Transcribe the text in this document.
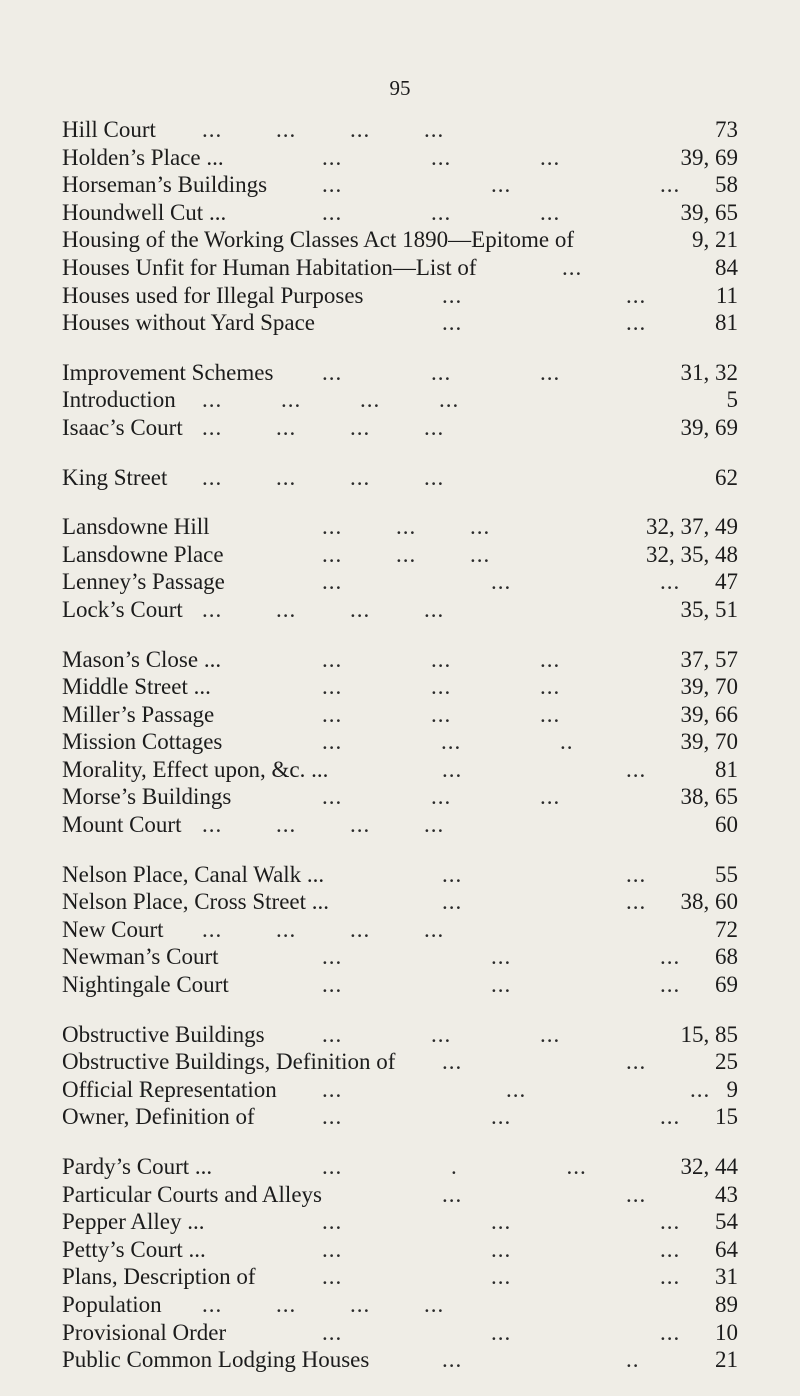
95
Hill Court ...     ...     ...     ...	73
Holden’s Place ...	...     ...     ...	39, 69
Horseman’s Buildings ...     ...     ... 58
Houndwell Cut ...	...     ...     ...	39, 65
Housing of the Working Classes Act 1890—Epitome of	9, 21
Houses Unfit for Human Habitation—List of	...	84
Houses used for Illegal Purposes	...     ...	11
Houses without Yard Space	...     ...	81
Improvement Schemes ...     ...     ...	31, 32
Introduction ...     ...     ...     ...	5
Isaac’s Court ...     ...     ...     ...	39, 69
King Street ...     ...     ...     ...	62
Lansdowne Hill	...     ...     ...	32, 37, 49
Lansdowne Place	...     ...     ...	32, 35, 48
Lenney’s Passage	...     ...     ... 47
Lock’s Court ...     ...     ...     ...	35, 51
Mason’s Close ...	...     ...     ...	37, 57
Middle Street ...	...     ...     ...	39, 70
Miller’s Passage	...     ...     ...	39, 66
Mission Cottages	...     ...     ..	39, 70
Morality, Effect upon, &c. ...	...     ...	81
Morse’s Buildings	...     ...     ...	38, 65
Mount Court ...     ...     ...     ...	60
Nelson Place, Canal Walk ...	...     ...	55
Nelson Place, Cross Street ...	...     ... 38, 60
New Court ...     ...     ...     ...	72
Newman’s Court	...     ...     ... 68
Nightingale Court	...     ...     ... 69
Obstructive Buildings ...     ...     ...	15, 85
Obstructive Buildings, Definition of ...     ...	25
Official Representation ...     ...     ... 9
Owner, Definition of	...     ...     ... 15
Pardy’s Court ...	...     .     ...	32, 44
Particular Courts and Alleys	...     ...	43
Pepper Alley ...	...     ...     ... 54
Petty’s Court ...	...     ...     ... 64
Plans, Description of	...     ...     ... 31
Population ...     ...     ...     ...	89
Provisional Order	...     ...     ... 10
Public Common Lodging Houses	...     ..	21
